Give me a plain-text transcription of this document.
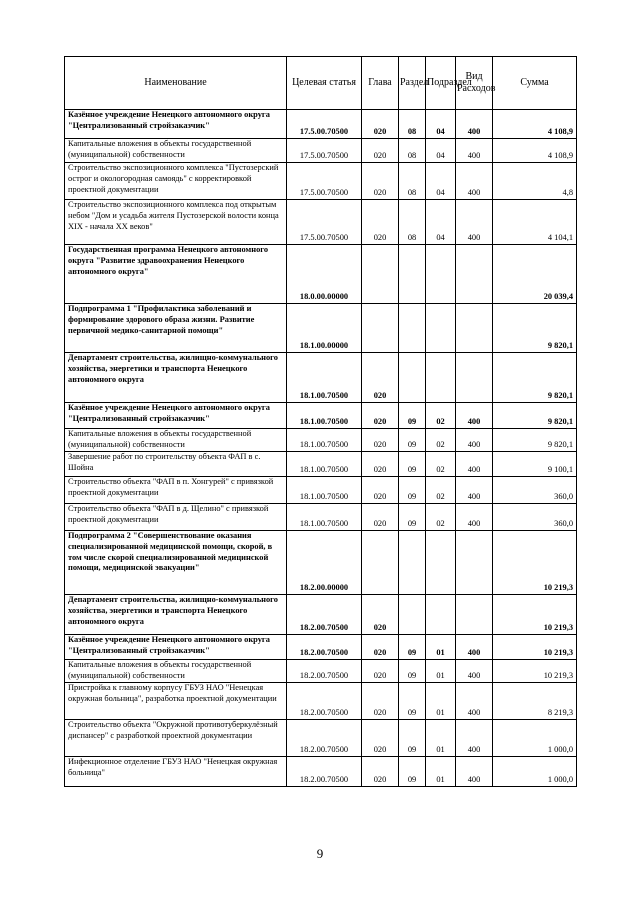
Наименование	Целевая статья	Глава	Раздел	Подраздел	Вид Расходов	Сумма
Казённое учреждение Ненецкого автономного округа "Централизованный стройзаказчик"	17.5.00.70500	020	08	04	400	4 108,9
Капитальные вложения в объекты государственной (муниципальной) собственности	17.5.00.70500	020	08	04	400	4 108,9
Строительство экспозиционного комплекса "Пустозерский острог и окологородная самоядь" с корректировкой проектной документации	17.5.00.70500	020	08	04	400	4,8
Строительство экспозиционного комплекса под открытым небом "Дом и усадьба жителя Пустозерской волости конца XIX - начала XX веков"	17.5.00.70500	020	08	04	400	4 104,1
Государственная программа Ненецкого автономного округа "Развитие здравоохранения Ненецкого автономного округа"	18.0.00.00000					20 039,4
Подпрограмма 1 "Профилактика заболеваний и формирование здорового образа жизни. Развитие первичной медико-санитарной помощи"	18.1.00.00000					9 820,1
Департамент строительства, жилищно-коммунального хозяйства, энергетики и транспорта Ненецкого автономного округа	18.1.00.70500	020				9 820,1
Казённое учреждение Ненецкого автономного округа "Централизованный стройзаказчик"	18.1.00.70500	020	09	02	400	9 820,1
Капитальные вложения в объекты государственной (муниципальной) собственности	18.1.00.70500	020	09	02	400	9 820,1
Завершение работ по строительству объекта ФАП в с. Шойна	18.1.00.70500	020	09	02	400	9 100,1
Строительство объекта "ФАП в п. Хонгурей" с привязкой проектной документации	18.1.00.70500	020	09	02	400	360,0
Строительство объекта "ФАП в д. Щелино" с привязкой проектной документации	18.1.00.70500	020	09	02	400	360,0
Подпрограмма 2 "Совершенствование оказания специализированной медицинской помощи, скорой, в том числе скорой специализированной медицинской помощи, медицинской эвакуации"	18.2.00.00000					10 219,3
Департамент строительства, жилищно-коммунального хозяйства, энергетики и транспорта Ненецкого автономного округа	18.2.00.70500	020				10 219,3
Казённое учреждение Ненецкого автономного округа "Централизованный стройзаказчик"	18.2.00.70500	020	09	01	400	10 219,3
Капитальные вложения в объекты государственной (муниципальной) собственности	18.2.00.70500	020	09	01	400	10 219,3
Пристройка к главному корпусу ГБУЗ НАО "Ненецкая окружная больница", разработка проектной документации	18.2.00.70500	020	09	01	400	8 219,3
Строительство объекта "Окружной противотуберкулёзный диспансер" с разработкой проектной документации	18.2.00.70500	020	09	01	400	1 000,0
Инфекционное отделение ГБУЗ НАО "Ненецкая окружная больница"	18.2.00.70500	020	09	01	400	1 000,0
9
